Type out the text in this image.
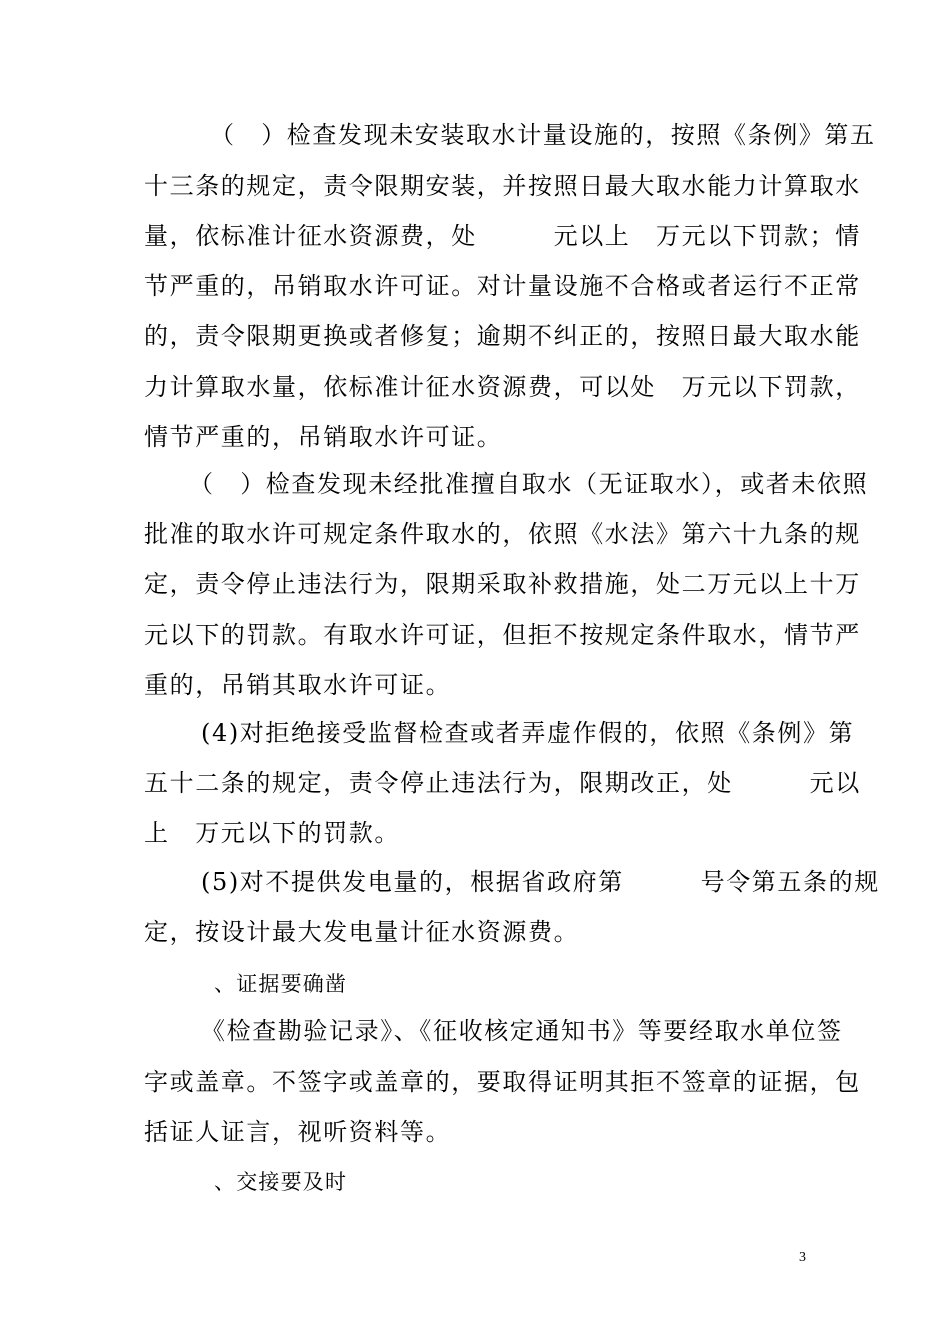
（　）检查发现未安装取水计量设施的，按照《条例》第五
十三条的规定，责令限期安装，并按照日最大取水能力计算取水
量，依标准计征水资源费，处　　　元以上　万元以下罚款；情
节严重的，吊销取水许可证。对计量设施不合格或者运行不正常
的，责令限期更换或者修复；逾期不纠正的，按照日最大取水能
力计算取水量，依标准计征水资源费，可以处　万元以下罚款，
情节严重的，吊销取水许可证。
（　）检查发现未经批准擅自取水（无证取水），或者未依照
批准的取水许可规定条件取水的，依照《水法》第六十九条的规
定，责令停止违法行为，限期采取补救措施，处二万元以上十万
元以下的罚款。有取水许可证，但拒不按规定条件取水，情节严
重的，吊销其取水许可证。
(4)对拒绝接受监督检查或者弄虚作假的，依照《条例》第
五十二条的规定，责令停止违法行为，限期改正，处　　　元以
上　万元以下的罚款。
(5)对不提供发电量的，根据省政府第　　　号令第五条的规
定，按设计最大发电量计征水资源费。
、证据要确凿
《检查勘验记录》、《征收核定通知书》等要经取水单位签
字或盖章。不签字或盖章的，要取得证明其拒不签章的证据，包
括证人证言，视听资料等。
、交接要及时
3
